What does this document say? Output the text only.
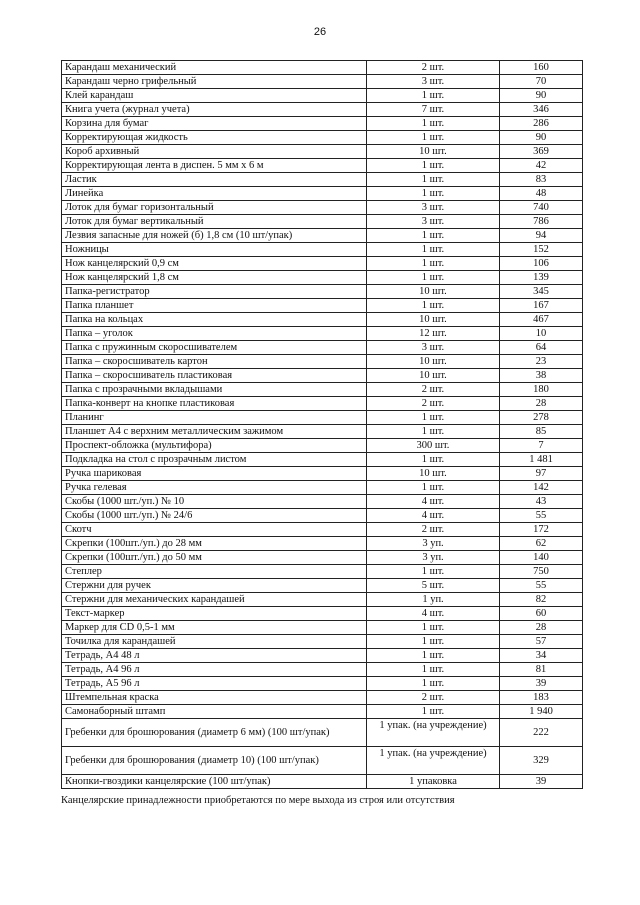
26
Карандаш механический	2 шт.	160
Карандаш черно грифельный	3 шт.	70
Клей карандаш	1 шт.	90
Книга учета (журнал учета)	7 шт.	346
Корзина для бумаг	1 шт.	286
Корректирующая жидкость	1 шт.	90
Короб архивный	10 шт.	369
Корректирующая лента в диспен. 5 мм х 6 м	1 шт.	42
Ластик	1 шт.	83
Линейка	1 шт.	48
Лоток для бумаг горизонтальный	3 шт.	740
Лоток для бумаг вертикальный	3 шт.	786
Лезвия запасные для ножей (б) 1,8 см (10 шт/упак)	1 шт.	94
Ножницы	1 шт.	152
Нож канцелярский 0,9 см	1 шт.	106
Нож канцелярский 1,8 см	1 шт.	139
Папка-регистратор	10 шт.	345
Папка планшет	1 шт.	167
Папка на кольцах	10 шт.	467
Папка – уголок	12 шт.	10
Папка с пружинным скоросшивателем	3 шт.	64
Папка – скоросшиватель картон	10 шт.	23
Папка – скоросшиватель пластиковая	10 шт.	38
Папка с прозрачными вкладышами	2 шт.	180
Папка-конверт на кнопке пластиковая	2 шт.	28
Планинг	1 шт.	278
Планшет А4 с верхним металлическим зажимом	1 шт.	85
Проспект-обложка (мультифора)	300 шт.	7
Подкладка на стол с прозрачным листом	1 шт.	1 481
Ручка шариковая	10 шт.	97
Ручка гелевая	1 шт.	142
Скобы (1000 шт./уп.) № 10	4 шт.	43
Скобы (1000 шт./уп.) № 24/6	4 шт.	55
Скотч	2 шт.	172
Скрепки (100шт./уп.) до 28 мм	3 уп.	62
Скрепки (100шт./уп.) до 50 мм	3 уп.	140
Степлер	1 шт.	750
Стержни для ручек	5 шт.	55
Стержни для механических карандашей	1 уп.	82
Текст-маркер	4 шт.	60
Маркер для CD 0,5-1 мм	1 шт.	28
Точилка для карандашей	1 шт.	57
Тетрадь, А4 48 л	1 шт.	34
Тетрадь, А4 96 л	1 шт.	81
Тетрадь, А5 96 л	1 шт.	39
Штемпельная краска	2 шт.	183
Самонаборный штамп	1 шт.	1 940
Гребенки для брошюрования (диаметр 6 мм) (100 шт/упак)	1 упак. (на учреждение)	222
Гребенки для брошюрования (диаметр 10) (100 шт/упак)	1 упак. (на учреждение)	329
Кнопки-гвоздики канцелярские (100 шт/упак)	1 упаковка	39
Канцелярские принадлежности приобретаются по мере выхода из строя или отсутствия
